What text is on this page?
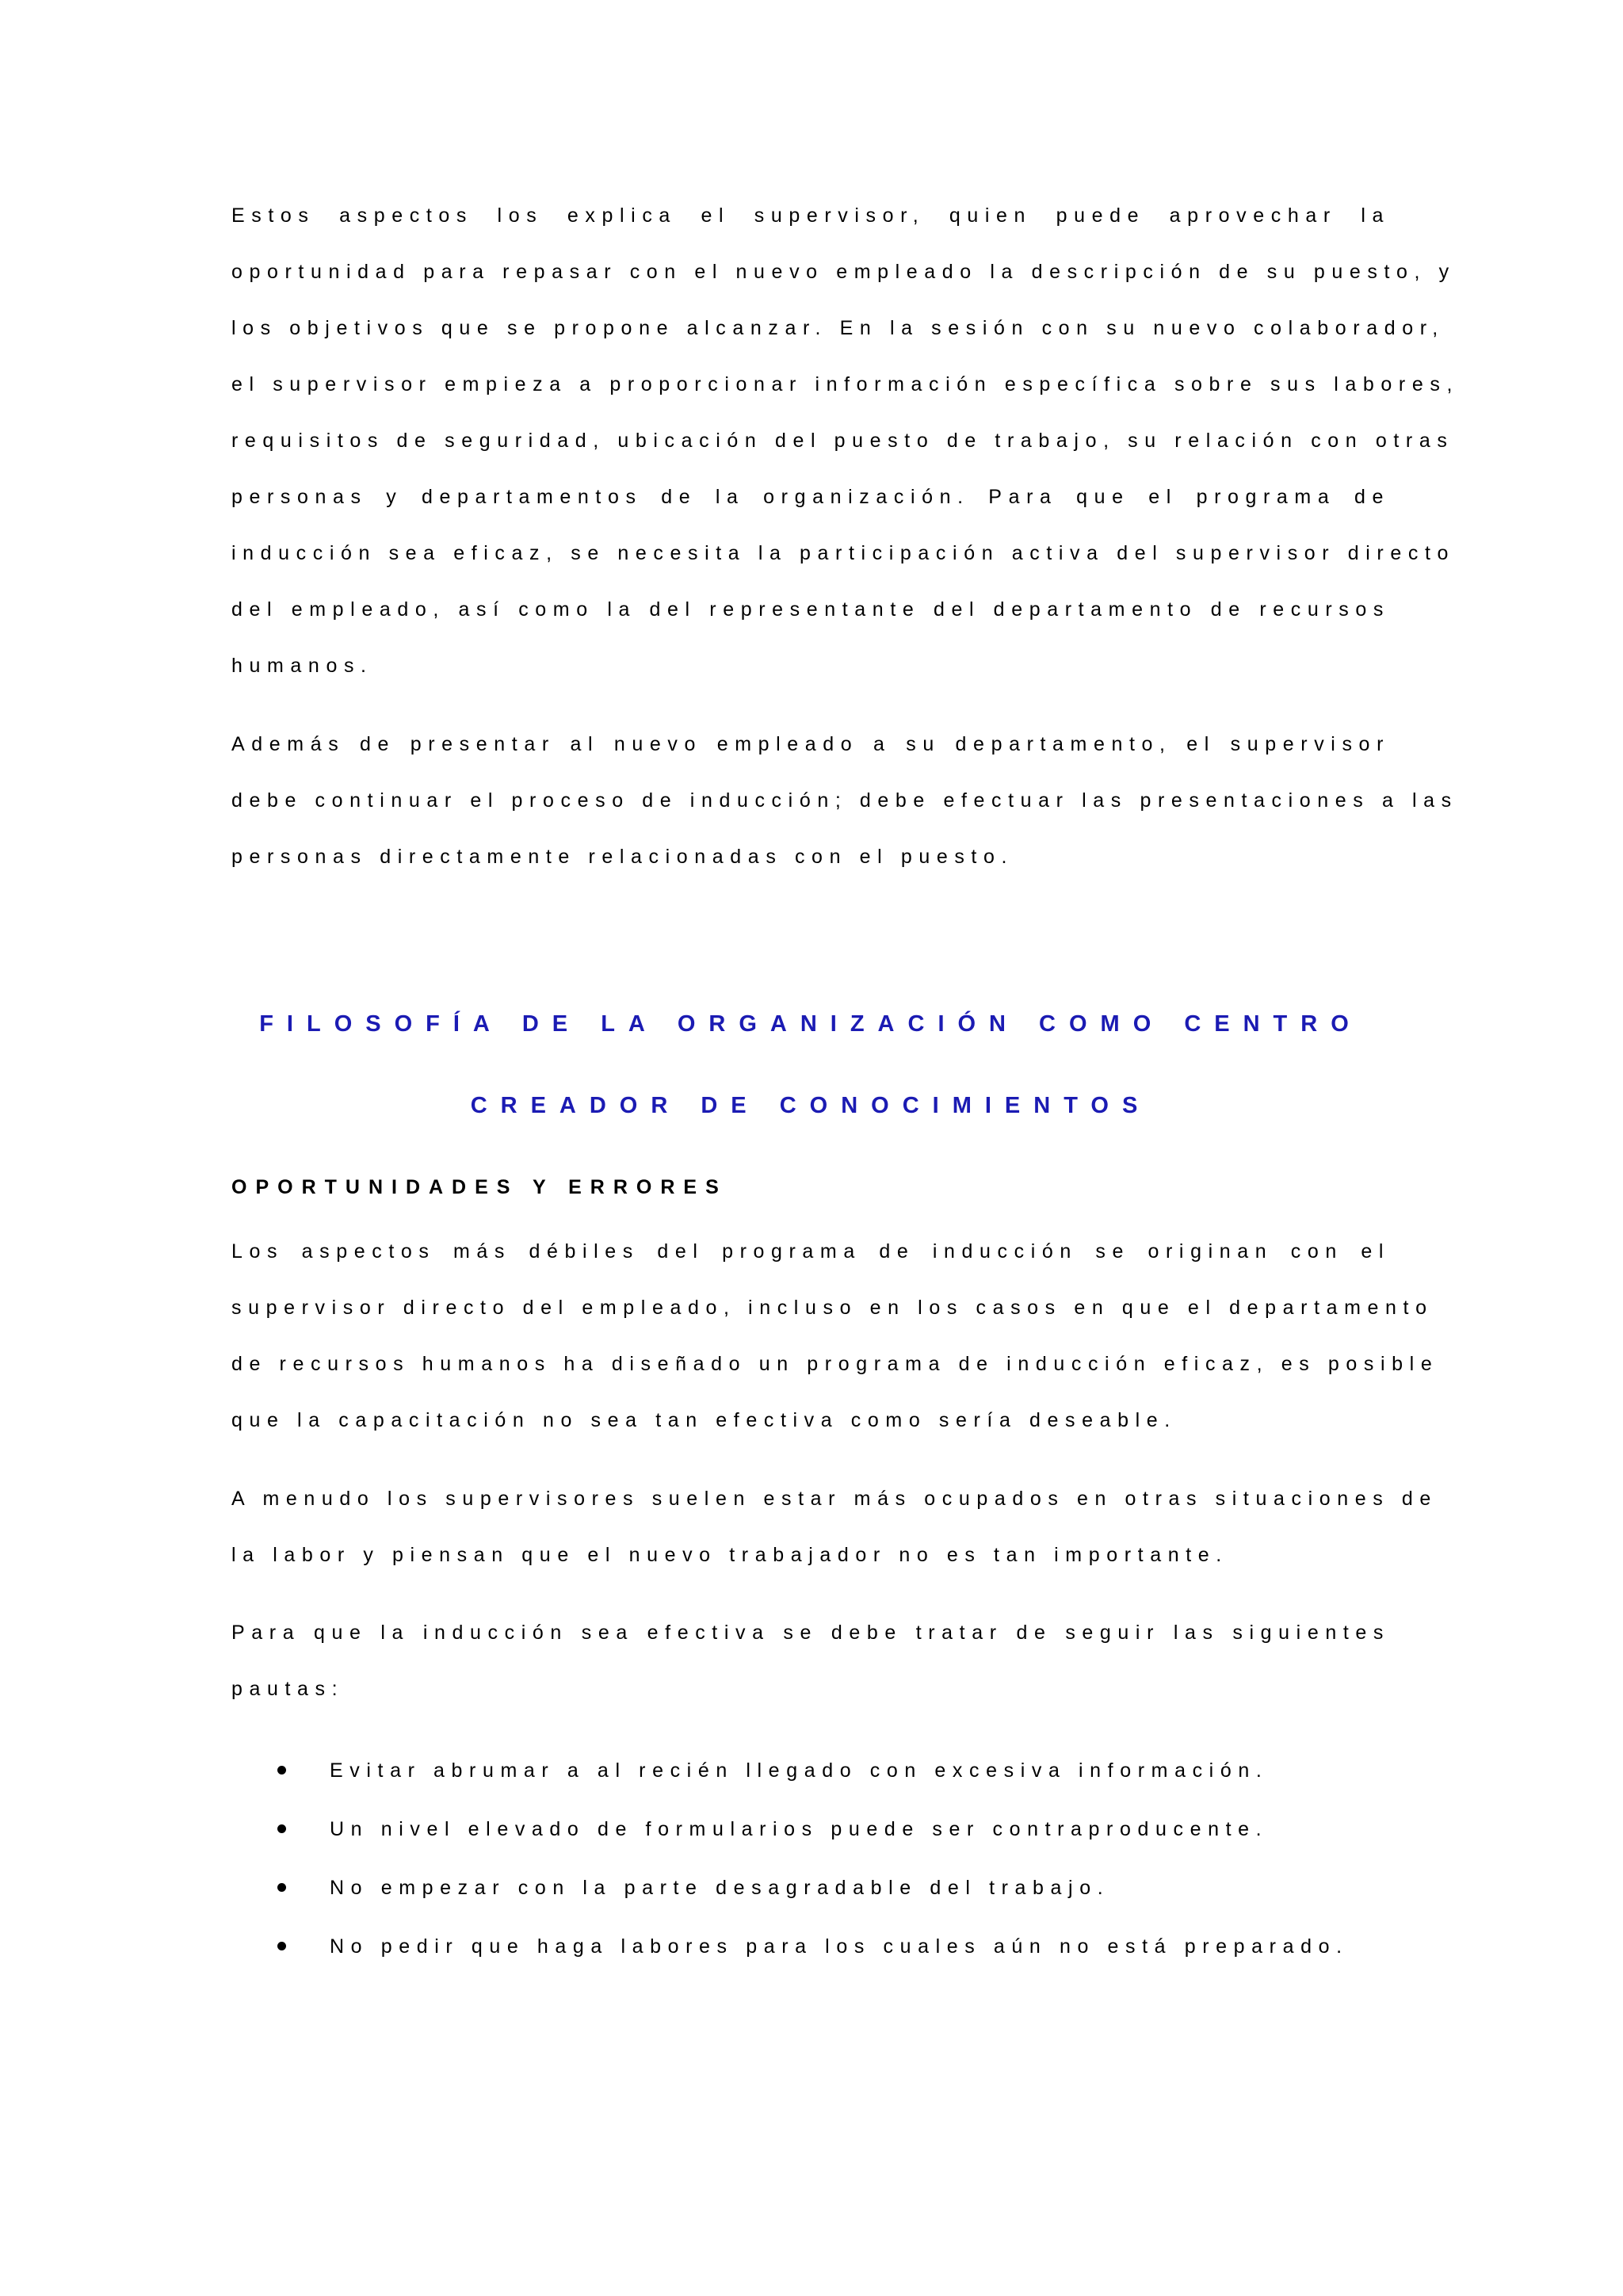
Estos aspectos los explica el supervisor, quien puede aprovechar la
oportunidad para repasar con el nuevo empleado la descripción de su puesto, y
los objetivos que se propone alcanzar. En la sesión con su nuevo colaborador,
el supervisor empieza a proporcionar información específica sobre sus labores,
requisitos de seguridad, ubicación del puesto de trabajo, su relación con otras
personas y departamentos de la organización. Para que el programa de
inducción sea eficaz, se necesita la participación activa del supervisor directo
del empleado, así como la del representante del departamento de recursos
humanos.
Además de presentar al nuevo empleado a su departamento, el supervisor
debe continuar el proceso de inducción; debe efectuar las presentaciones a las
personas directamente relacionadas con el puesto.
FILOSOFÍA DE LA ORGANIZACIÓN COMO CENTRO
CREADOR DE CONOCIMIENTOS
OPORTUNIDADES Y ERRORES
Los aspectos más débiles del programa de inducción se originan con el
supervisor directo del empleado, incluso en los casos en que el departamento
de recursos humanos ha diseñado un programa de inducción eficaz, es posible
que la capacitación no sea tan efectiva como sería deseable.
A menudo los supervisores suelen estar más ocupados en otras situaciones de
la labor y piensan que el nuevo trabajador no es tan importante.
Para que la inducción sea efectiva se debe tratar de seguir las siguientes
pautas:
Evitar abrumar a al recién llegado con excesiva información.
Un nivel elevado de formularios puede ser contraproducente.
No empezar con la parte desagradable del trabajo.
No pedir que haga labores para los cuales aún no está preparado.
